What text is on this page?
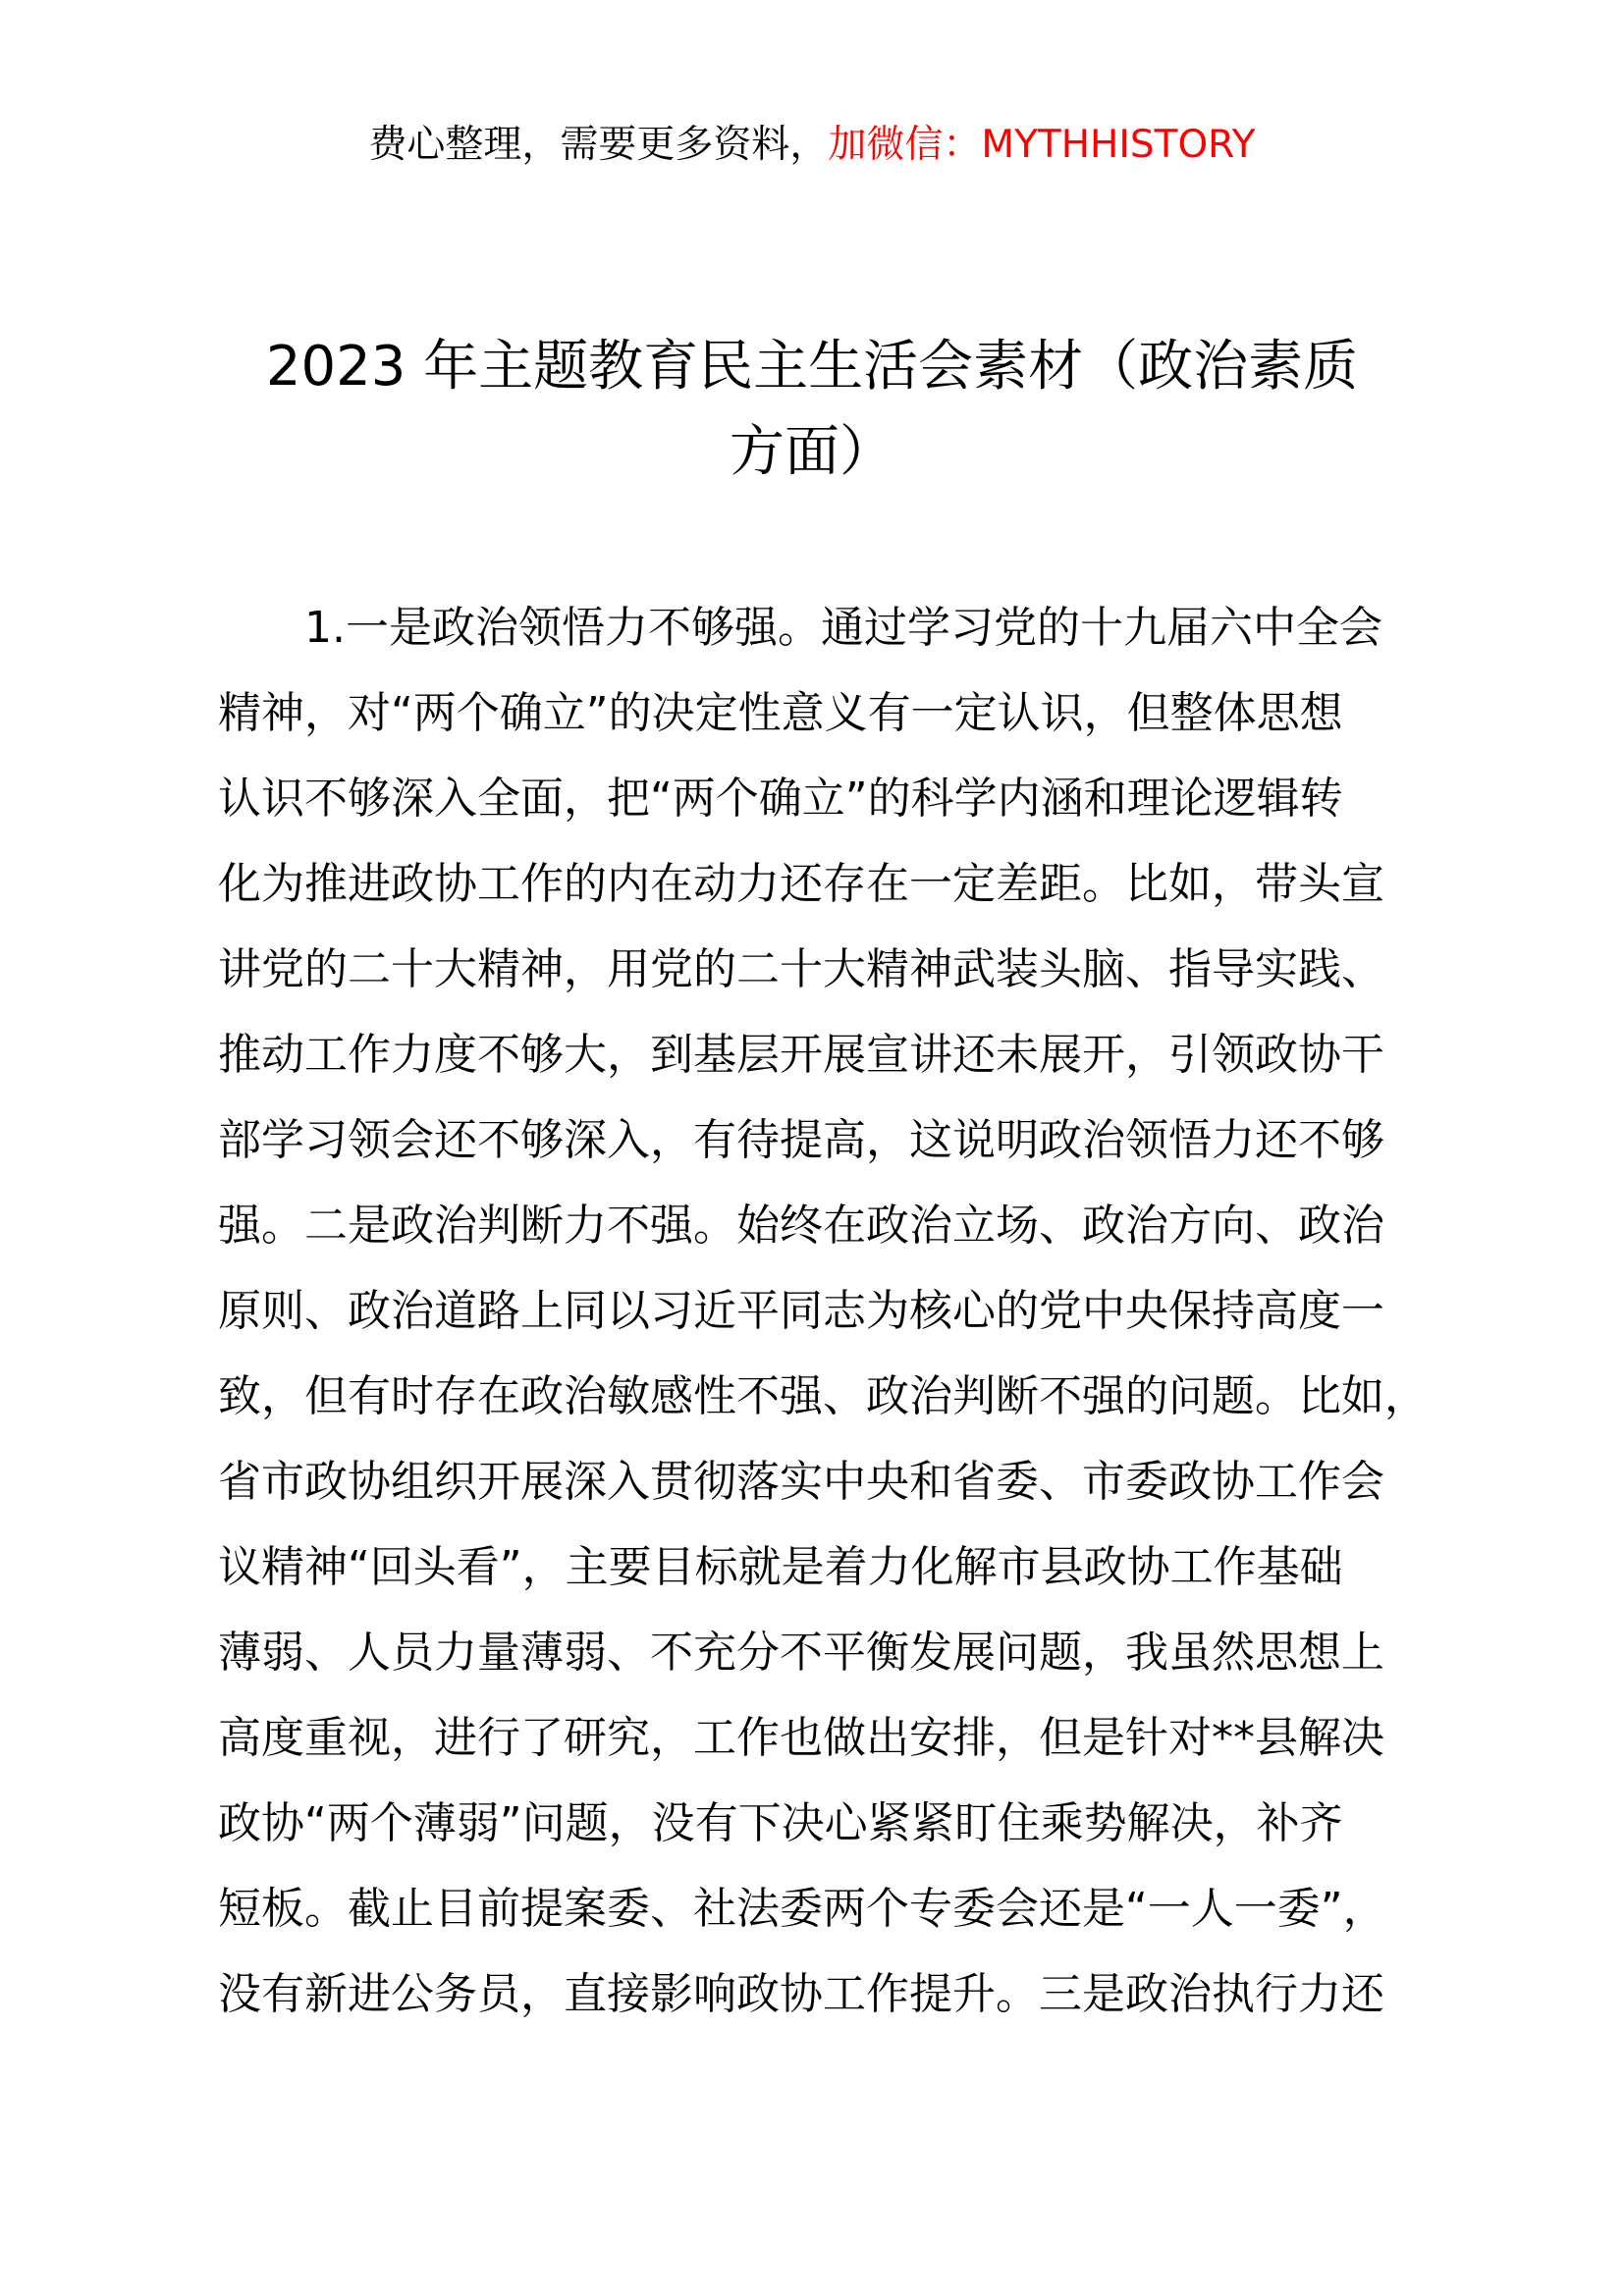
费心整理，需要更多资料，加微信：MYTHHISTORY
2023 年主题教育民主生活会素材（政治素质
方面）
1.一是政治领悟力不够强。通过学习党的十九届六中全会
精神，对“两个确立”的决定性意义有一定认识，但整体思想
认识不够深入全面，把“两个确立”的科学内涵和理论逻辑转
化为推进政协工作的内在动力还存在一定差距。比如，带头宣
讲党的二十大精神，用党的二十大精神武装头脑、指导实践、
推动工作力度不够大，到基层开展宣讲还未展开，引领政协干
部学习领会还不够深入，有待提高，这说明政治领悟力还不够
强。二是政治判断力不强。始终在政治立场、政治方向、政治
原则、政治道路上同以习近平同志为核心的党中央保持高度一
致，但有时存在政治敏感性不强、政治判断不强的问题。比如，
省市政协组织开展深入贯彻落实中央和省委、市委政协工作会
议精神“回头看”，主要目标就是着力化解市县政协工作基础
薄弱、人员力量薄弱、不充分不平衡发展问题，我虽然思想上
高度重视，进行了研究，工作也做出安排，但是针对**县解决
政协“两个薄弱”问题，没有下决心紧紧盯住乘势解决，补齐
短板。截止目前提案委、社法委两个专委会还是“一人一委”，
没有新进公务员，直接影响政协工作提升。三是政治执行力还
